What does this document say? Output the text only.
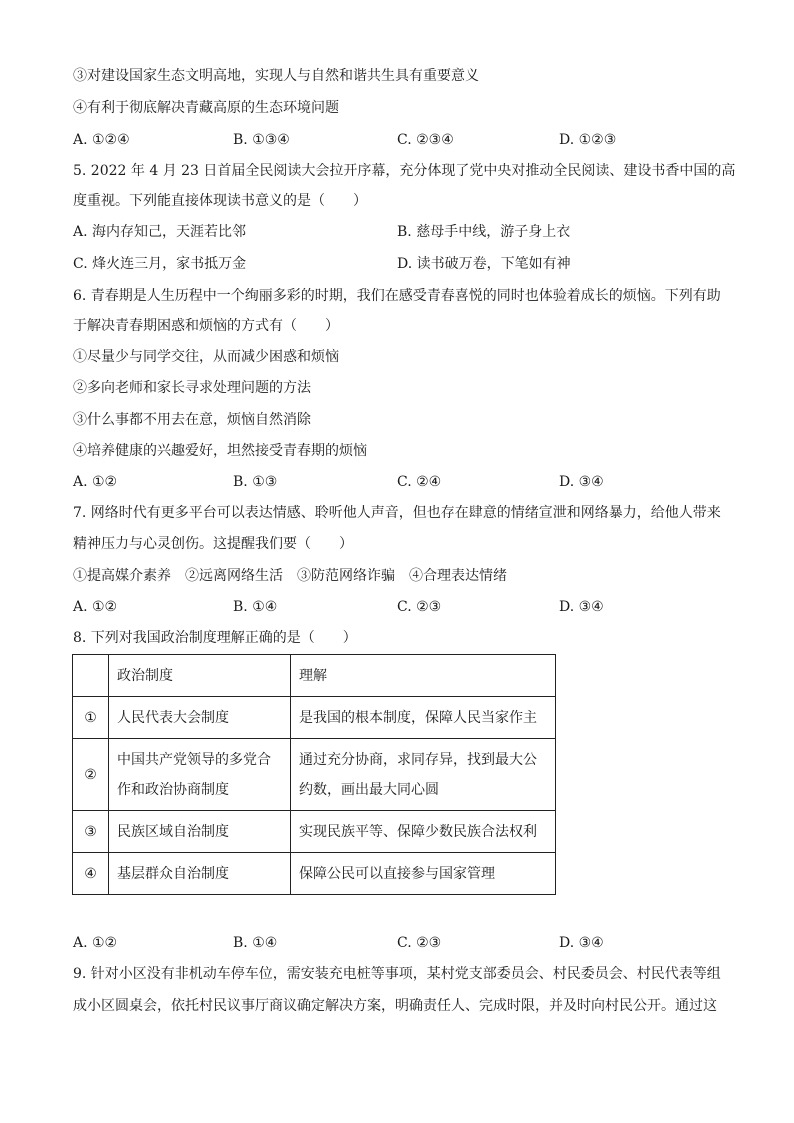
③对建设国家生态文明高地，实现人与自然和谐共生具有重要意义
④有利于彻底解决青藏高原的生态环境问题
A. ①②④	B. ①③④	C. ②③④	D. ①②③
5. 2022 年 4 月 23 日首届全民阅读大会拉开序幕，充分体现了党中央对推动全民阅读、建设书香中国的高
度重视。下列能直接体现读书意义的是（　　）
A. 海内存知己，天涯若比邻	B. 慈母手中线，游子身上衣
C. 烽火连三月，家书抵万金	D. 读书破万卷，下笔如有神
6. 青春期是人生历程中一个绚丽多彩的时期，我们在感受青春喜悦的同时也体验着成长的烦恼。下列有助
于解决青春期困惑和烦恼的方式有（　　）
①尽量少与同学交往，从而减少困惑和烦恼
②多向老师和家长寻求处理问题的方法
③什么事都不用去在意，烦恼自然消除
④培养健康的兴趣爱好，坦然接受青春期的烦恼
A. ①②	B. ①③	C. ②④	D. ③④
7. 网络时代有更多平台可以表达情感、聆听他人声音，但也存在肆意的情绪宣泄和网络暴力，给他人带来
精神压力与心灵创伤。这提醒我们要（　　）
①提高媒介素养　②远离网络生活　③防范网络诈骗　④合理表达情绪
A. ①②	B. ①④	C. ②③	D. ③④
8. 下列对我国政治制度理解正确的是（　　）
	政治制度	理解
①	人民代表大会制度	是我国的根本制度，保障人民当家作主
②	中国共产党领导的多党合作和政治协商制度	通过充分协商，求同存异，找到最大公约数，画出最大同心圆
③	民族区域自治制度	实现民族平等、保障少数民族合法权利
④	基层群众自治制度	保障公民可以直接参与国家管理
A. ①②	B. ①④	C. ②③	D. ③④
9. 针对小区没有非机动车停车位，需安装充电桩等事项，某村党支部委员会、村民委员会、村民代表等组
成小区圆桌会，依托村民议事厅商议确定解决方案，明确责任人、完成时限，并及时向村民公开。通过这
